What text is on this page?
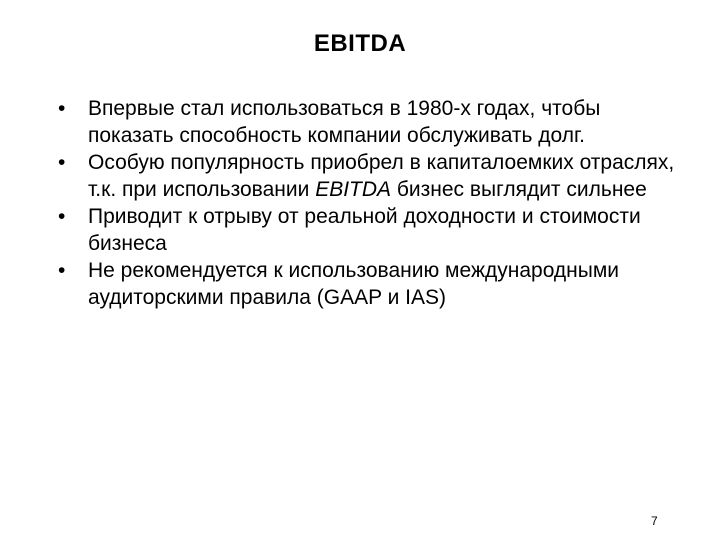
EBITDA
• Впервые стал использоваться в 1980-х годах, чтобы показать способность компании обслуживать долг.
• Особую популярность приобрел в капиталоемких отраслях, т.к. при использовании EBITDA бизнес выглядит сильнее
• Приводит к отрыву от реальной доходности и стоимости бизнеса
• Не рекомендуется к использованию международными аудиторскими правила (GAAP и IAS)
7
